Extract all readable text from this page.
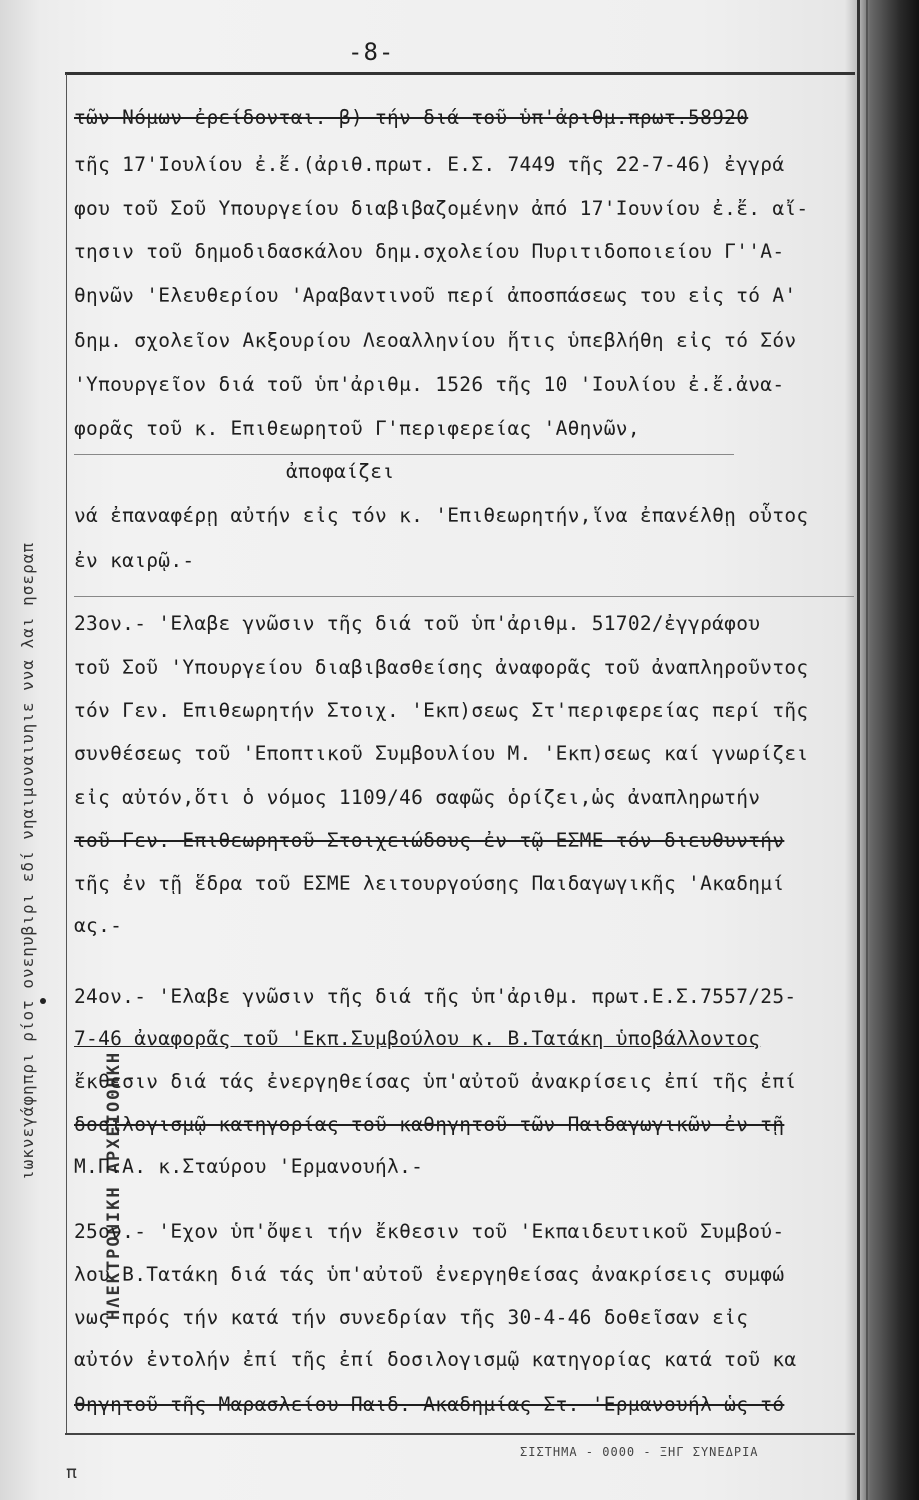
-8-
ιωκνεγάφηπρι ρίοτ ονεηυβιρι εδί νηαιμοναιυηιε ννα λαι ησεραπ
ΗΛΕΚΤΡΟΝΙΚΗ ΑΡΧΕΙΟΘΗΚΗ
τῶν Νόμων ἐρείδονται. β) τήν διά τοῦ ὑπ'ἀριθμ.πρωτ.58920
τῆς 17'Ιουλίου ἐ.ἔ.(ἀριθ.πρωτ. Ε.Σ. 7449 τῆς 22-7-46) ἐγγρά
φου τοῦ Σοῦ Υπουργείου διαβιβαζομένην ἀπό 17'Ιουνίου ἐ.ἔ. αἴ-
τησιν τοῦ δημοδιδασκάλου δημ.σχολείου Πυριτιδοποιείου Γ''Α-
θηνῶν 'Ελευθερίου 'Αραβαντινοῦ περί ἀποσπάσεως του εἰς τό Α'
δημ. σχολεῖον Ακξουρίου Λεοαλληνίου ἥτις ὑπεβλήθη εἰς τό Σόν
'Υπουργεῖον διά τοῦ ὑπ'ἀριθμ. 1526 τῆς 10 'Ιουλίου ἐ.ἔ.ἀνα-
φορᾶς τοῦ κ. Επιθεωρητοῦ Γ'περιφερείας 'Αθηνῶν,
ἀποφαίζει
νά ἐπαναφέρῃ αὐτήν εἰς τόν κ. 'Επιθεωρητήν,ἵνα ἐπανέλθῃ οὗτος
ἐν καιρῷ.-
23ον.- 'Ελαβε γνῶσιν τῆς διά τοῦ ὑπ'ἀριθμ. 51702/ἐγγράφου
τοῦ Σοῦ 'Υπουργείου διαβιβασθείσης ἀναφορᾶς τοῦ ἀναπληροῦντος
τόν Γεν. Επιθεωρητήν Στοιχ. 'Εκπ)σεως Στ'περιφερείας περί τῆς
συνθέσεως τοῦ 'Εποπτικοῦ Συμβουλίου Μ. 'Εκπ)σεως καί γνωρίζει
εἰς αὐτόν,ὅτι ὁ νόμος 1109/46 σαφῶς ὁρίζει,ὡς ἀναπληρωτήν
τοῦ Γεν. Επιθεωρητοῦ Στοιχειώδους ἐν τῷ ΕΣΜΕ τόν διευθυντήν
τῆς ἐν τῇ ἕδρα τοῦ ΕΣΜΕ λειτουργούσης Παιδαγωγικῆς 'Ακαδημί
ας.-
24ον.- 'Ελαβε γνῶσιν τῆς διά τῆς ὑπ'ἀριθμ. πρωτ.Ε.Σ.7557/25-
7-46 ἀναφορᾶς τοῦ 'Εκπ.Συμβούλου κ. Β.Τατάκη ὑποβάλλοντος
ἔκθεσιν διά τάς ἐνεργηθείσας ὑπ'αὐτοῦ ἀνακρίσεις ἐπί τῆς ἐπί
δοσιλογισμῷ κατηγορίας τοῦ καθηγητοῦ τῶν Παιδαγωγικῶν ἐν τῇ
Μ.Π.Α. κ.Σταύρου 'Ερμανουήλ.-
25ον.- 'Εχον ὑπ'ὄψει τήν ἔκθεσιν τοῦ 'Εκπαιδευτικοῦ Συμβού-
λου Β.Τατάκη διά τάς ὑπ'αὐτοῦ ἐνεργηθείσας ἀνακρίσεις συμφώ
νως πρός τήν κατά τήν συνεδρίαν τῆς 30-4-46 δοθεῖσαν εἰς
αὐτόν ἐντολήν ἐπί τῆς ἐπί δοσιλογισμῷ κατηγορίας κατά τοῦ κα
θηγητοῦ τῆς Μαρασλείου Παιδ. Ακαδημίας Στ. 'Ερμανουήλ ὡς τό
ΣΙΣΤΗΜΑ - 0000 - ΞΗΓ ΣΥΝΕΔΡΙΑ
π
